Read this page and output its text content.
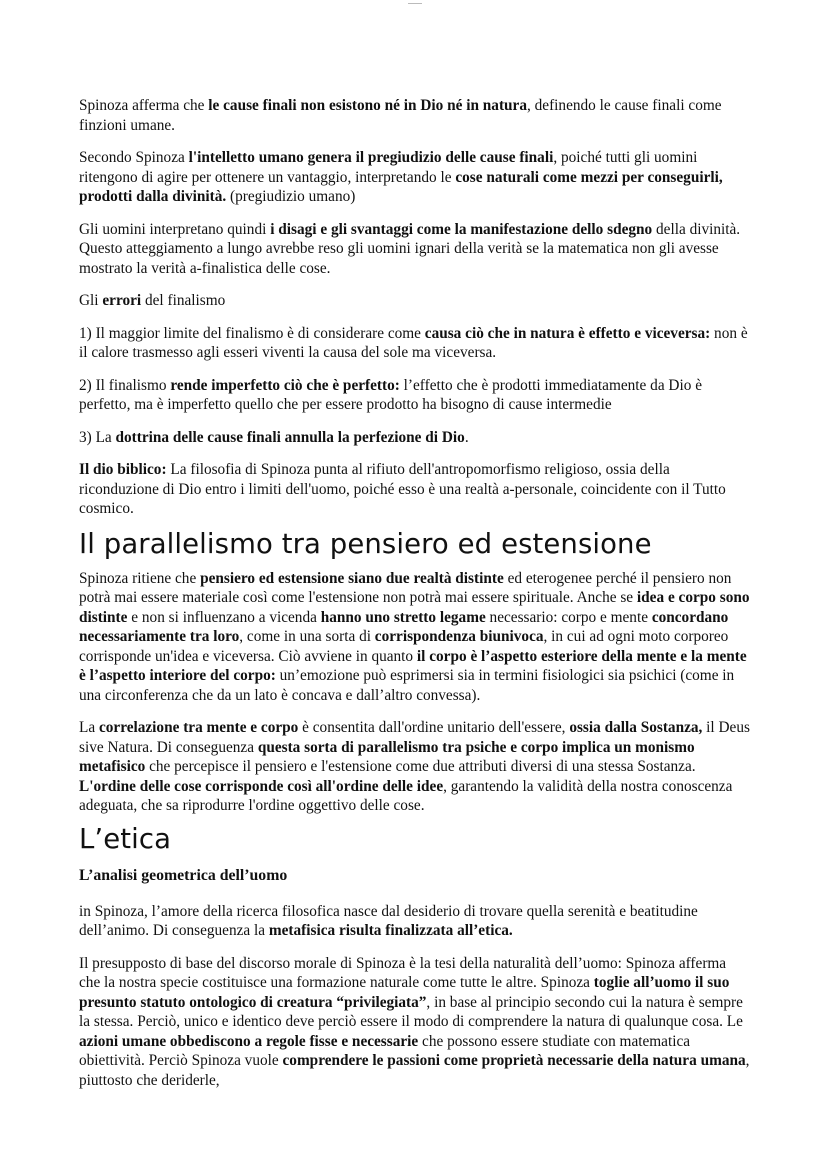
Spinoza afferma che le cause finali non esistono né in Dio né in natura, definendo le cause finali come finzioni umane.

Secondo Spinoza l'intelletto umano genera il pregiudizio delle cause finali, poiché tutti gli uomini ritengono di agire per ottenere un vantaggio, interpretando le cose naturali come mezzi per conseguirli, prodotti dalla divinità. (pregiudizio umano)

Gli uomini interpretano quindi i disagi e gli svantaggi come la manifestazione dello sdegno della divinità. Questo atteggiamento a lungo avrebbe reso gli uomini ignari della verità se la matematica non gli avesse mostrato la verità a-finalistica delle cose.

Gli errori del finalismo

1) Il maggior limite del finalismo è di considerare come causa ciò che in natura è effetto e viceversa: non è il calore trasmesso agli esseri viventi la causa del sole ma viceversa.

2) Il finalismo rende imperfetto ciò che è perfetto: l’effetto che è prodotti immediatamente da Dio è perfetto, ma è imperfetto quello che per essere prodotto ha bisogno di cause intermedie

3) La dottrina delle cause finali annulla la perfezione di Dio.

Il dio biblico: La filosofia di Spinoza punta al rifiuto dell'antropomorfismo religioso, ossia della riconduzione di Dio entro i limiti dell'uomo, poiché esso è una realtà a-personale, coincidente con il Tutto cosmico.

Il parallelismo tra pensiero ed estensione

Spinoza ritiene che pensiero ed estensione siano due realtà distinte ed eterogenee perché il pensiero non potrà mai essere materiale così come l'estensione non potrà mai essere spirituale. Anche se idea e corpo sono distinte e non si influenzano a vicenda hanno uno stretto legame necessario: corpo e mente concordano necessariamente tra loro, come in una sorta di corrispondenza biunivoca, in cui ad ogni moto corporeo corrisponde un'idea e viceversa. Ciò avviene in quanto il corpo è l’aspetto esteriore della mente e la mente è l’aspetto interiore del corpo: un’emozione può esprimersi sia in termini fisiologici sia psichici (come in una circonferenza che da un lato è concava e dall’altro convessa).

La correlazione tra mente e corpo è consentita dall'ordine unitario dell'essere, ossia dalla Sostanza, il Deus sive Natura. Di conseguenza questa sorta di parallelismo tra psiche e corpo implica un monismo metafisico che percepisce il pensiero e l'estensione come due attributi diversi di una stessa Sostanza. L'ordine delle cose corrisponde così all'ordine delle idee, garantendo la validità della nostra conoscenza adeguata, che sa riprodurre l'ordine oggettivo delle cose.

L’etica
L’analisi geometrica dell’uomo

in Spinoza, l’amore della ricerca filosofica nasce dal desiderio di trovare quella serenità e beatitudine dell’animo. Di conseguenza la metafisica risulta finalizzata all’etica.

Il presupposto di base del discorso morale di Spinoza è la tesi della naturalità dell’uomo: Spinoza afferma che la nostra specie costituisce una formazione naturale come tutte le altre. Spinoza toglie all’uomo il suo presunto statuto ontologico di creatura “privilegiata”, in base al principio secondo cui la natura è sempre la stessa. Perciò, unico e identico deve perciò essere il modo di comprendere la natura di qualunque cosa. Le azioni umane obbediscono a regole fisse e necessarie che possono essere studiate con matematica obiettività. Perciò Spinoza vuole comprendere le passioni come proprietà necessarie della natura umana, piuttosto che deriderle,
